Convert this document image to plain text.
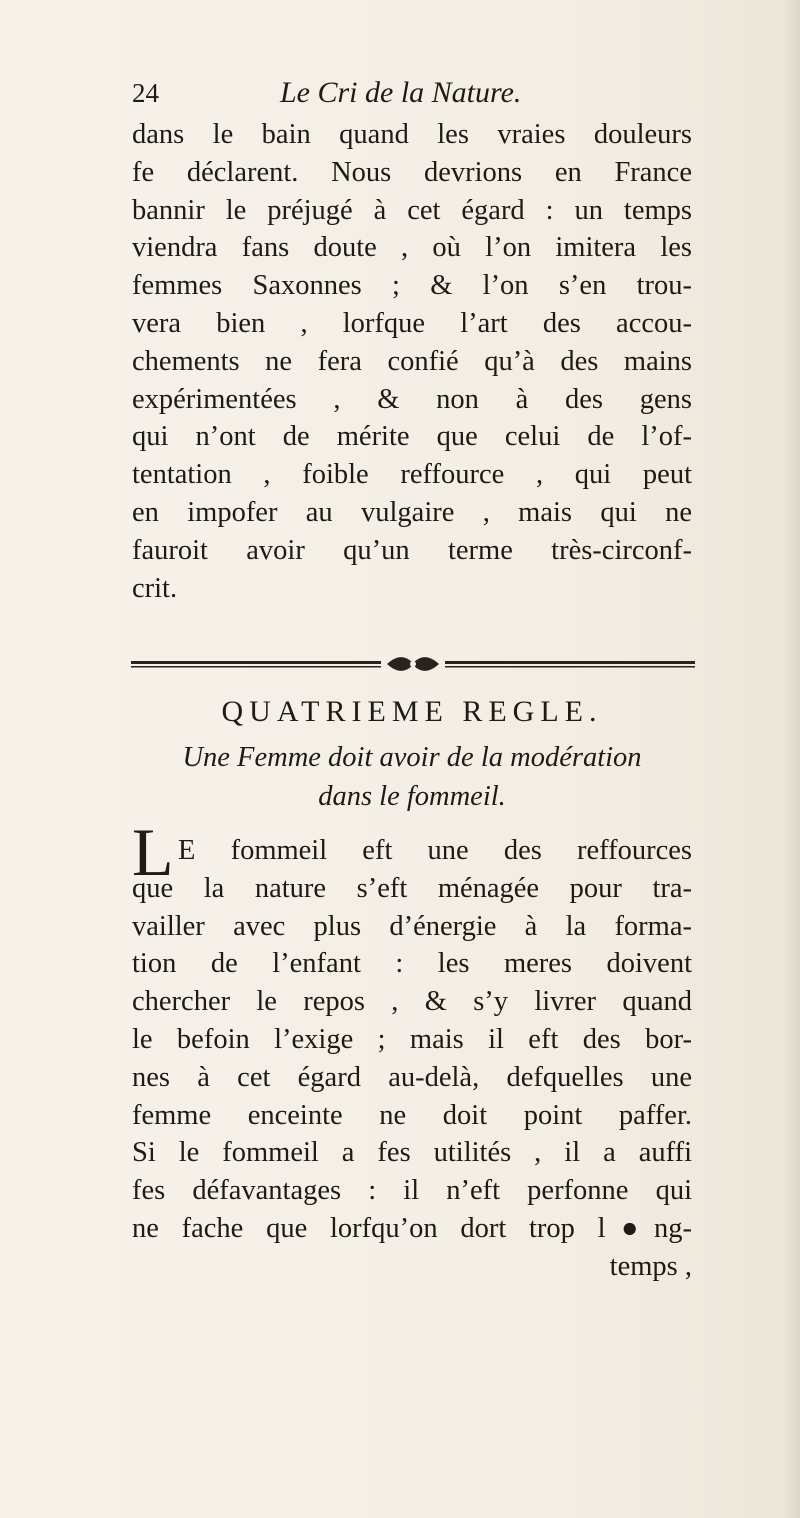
24	Le Cri de la Nature.
dans le bain quand les vraies douleurs
fe déclarent. Nous devrions en France
bannir le préjugé à cet égard : un temps
viendra fans doute , où l’on imitera les
femmes Saxonnes ; & l’on s’en trou-
vera bien , lorfque l’art des accou-
chements ne fera confié qu’à des mains
expérimentées , & non à des gens
qui n’ont de mérite que celui de l’of-
tentation , foible reffource , qui peut
en impofer au vulgaire , mais qui ne
fauroit avoir qu’un terme très-circonf-
crit.
QUATRIEME REGLE.
Une Femme doit avoir de la modération
dans le fommeil.
L E fommeil eft une des reffources
que la nature s’eft ménagée pour tra-
vailler avec plus d’énergie à la forma-
tion de l’enfant : les meres doivent
chercher le repos , & s’y livrer quand
le befoin l’exige ; mais il eft des bor-
nes à cet égard au-delà, defquelles une
femme enceinte ne doit point paffer.
Si le fommeil a fes utilités , il a auffi
fes défavantages : il n’eft perfonne qui
ne fache que lorfqu’on dort trop l●ng-
temps ,
